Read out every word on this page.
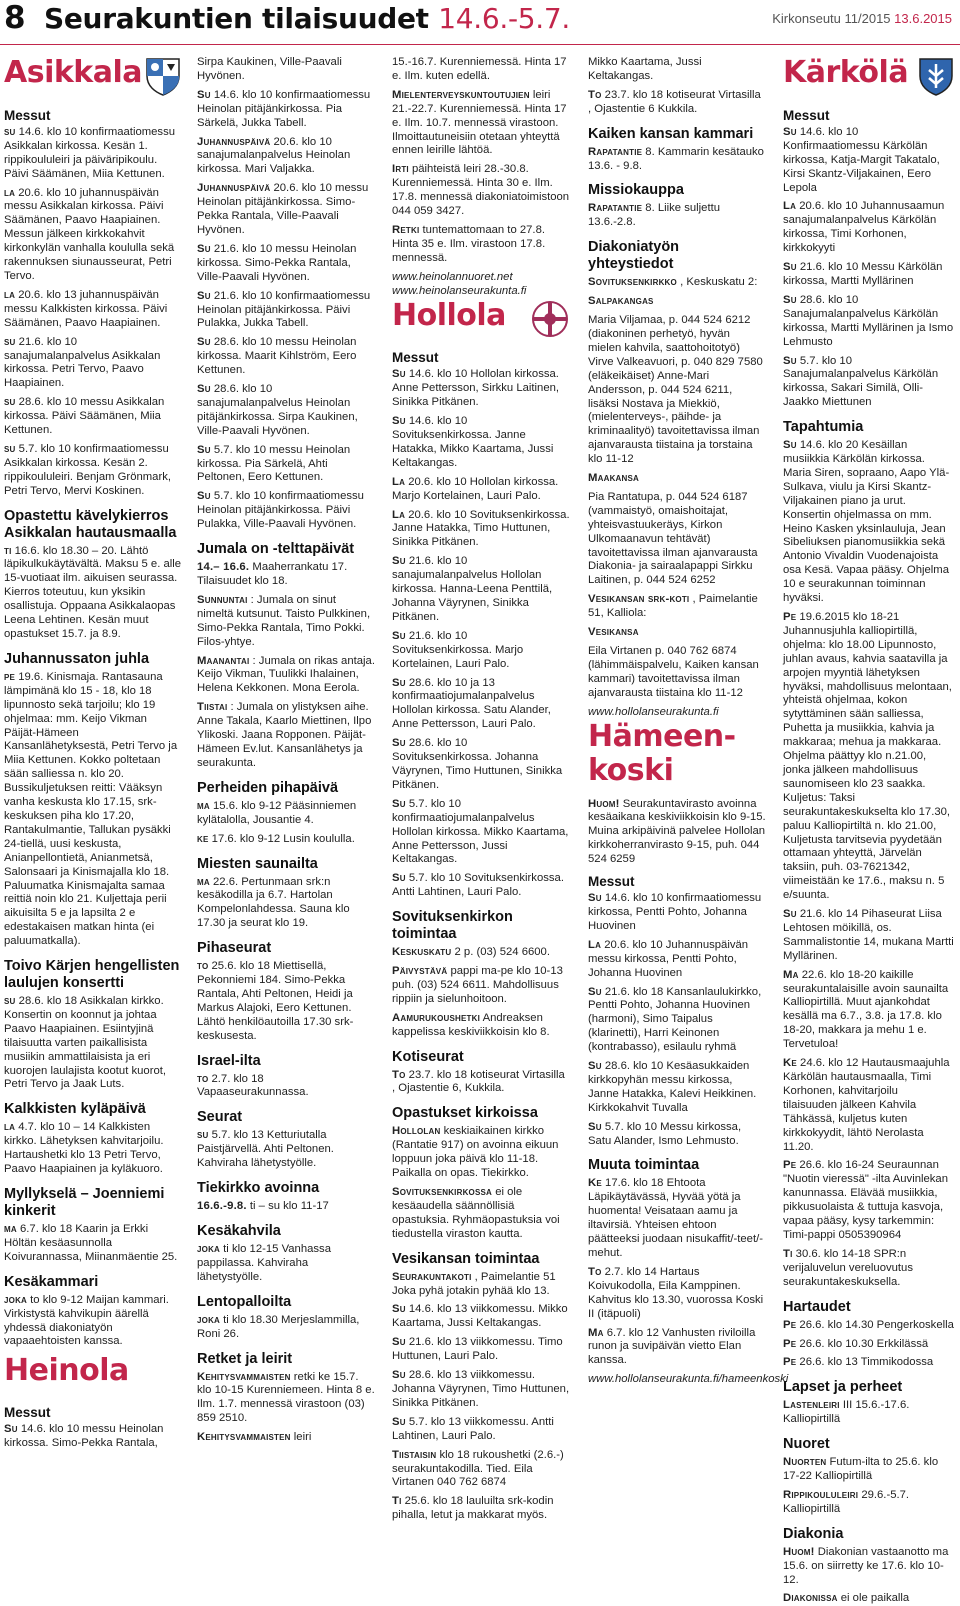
8 Seurakuntien tilaisuudet 14.6.-5.7.	Kirkonseutu 11/2015 13.6.2015
Asikkala
Messut

su 14.6. klo 10 konfirmaatiomessu Asikkalan kirkossa. Kesän 1. rippikoululeiri ja päiväripikoulu. Päivi Säämänen, Miia Kettunen.

la 20.6. klo 10 juhannuspäivän messu Asikkalan kirkossa. Päivi Säämänen, Paavo Haapiainen. Messun jälkeen kirkkokahvit kirkonkylän vanhalla koululla sekä rakennuksen siunausseurat, Petri Tervo.

la 20.6. klo 13 juhannuspäivän messu Kalkkisten kirkossa. Päivi Säämänen, Paavo Haapiainen.

su 21.6. klo 10 sanajumalanpalvelus Asikkalan kirkossa. Petri Tervo, Paavo Haapiainen.

su 28.6. klo 10 messu Asikkalan kirkossa. Päivi Säämänen, Miia Kettunen.

su 5.7. klo 10 konfirmaatiomessu Asikkalan kirkossa. Kesän 2. rippikoululeiri. Benjam Grönmark, Petri Tervo, Mervi Koskinen.

Opastettu kävelykierros Asikkalan hautausmaalla

ti 16.6. klo 18.30 – 20. Lähtö läpikulkukäytävältä. Maksu 5 e. alle 15-vuotiaat ilm. aikuisen seurassa. Kierros toteutuu, kun yksikin osallistuja. Oppaana Asikkalaopas Leena Lehtinen. Kesän muut opastukset 15.7. ja 8.9.

Juhannussaton juhla

pe 19.6. Kinismaja. Rantasauna lämpimänä klo 15 - 18, klo 18 lipunnosto sekä tarjoilu; klo 19 ohjelmaa: mm. Keijo Vikman Päijät-Hämeen Kansanlähetyksestä, Petri Tervo ja Miia Kettunen. Kokko poltetaan sään salliessa n. klo 20. Bussikuljetuksen reitti: Vääksyn vanha keskusta klo 17.15, srk-keskuksen piha klo 17.20, Rantakulmantie, Tallukan pysäkki 24-tiellä, uusi keskusta, Anianpellontietä, Anianmetsä, Salonsaari ja Kinismajalla klo 18. Paluumatka Kinismajalta samaa reittiä noin klo 21. Kuljettaja perii aikuisilta 5 e ja lapsilta 2 e edestakaisen matkan hinta (ei paluumatkalla).

Toivo Kärjen hengellisten laulujen konsertti

su 28.6. klo 18 Asikkalan kirkko. Konsertin on koonnut ja johtaa Paavo Haapiainen. Esiintyjinä tilaisuutta varten paikallisista musiikin ammattilaisista ja eri kuorojen laulajista kootut kuorot, Petri Tervo ja Jaak Luts.

Kalkkisten kyläpäivä

la 4.7. klo 10 – 14 Kalkkisten kirkko. Lähetyksen kahvitarjoilu. Hartaushetki klo 13 Petri Tervo, Paavo Haapiainen ja kyläkuoro.

Myllykselä – Joenniemi kinkerit

ma 6.7. klo 18 Kaarin ja Erkki Höltän kesäasunnolla Koivurannassa, Miinanmäentie 25.

Kesäkammari

joka to klo 9-12 Maijan kammari. Virkistystä kahvikupin äärellä yhdessä diakoniatyön vapaaehtoisten kanssa.

Heinola
Messut

Su 14.6. klo 10 messu Heinolan kirkossa. Simo-Pekka Rantala,

Sirpa Kaukinen, Ville-Paavali Hyvönen.

Su 14.6. klo 10 konfirmaatiomessu Heinolan pitäjänkirkossa. Pia Särkelä, Jukka Tabell.

Juhannuspäivä 20.6. klo 10 sanajumalanpalvelus Heinolan kirkossa. Mari Valjakka.

Juhannuspäivä 20.6. klo 10 messu Heinolan pitäjänkirkossa. Simo-Pekka Rantala, Ville-Paavali Hyvönen.

Su 21.6. klo 10 messu Heinolan kirkossa. Simo-Pekka Rantala, Ville-Paavali Hyvönen.

Su 21.6. klo 10 konfirmaatiomessu Heinolan pitäjänkirkossa. Päivi Pulakka, Jukka Tabell.

Su 28.6. klo 10 messu Heinolan kirkossa. Maarit Kihlström, Eero Kettunen.

Su 28.6. klo 10 sanajumalanpalvelus Heinolan pitäjänkirkossa. Sirpa Kaukinen, Ville-Paavali Hyvönen.

Su 5.7. klo 10 messu Heinolan kirkossa. Pia Särkelä, Ahti Peltonen, Eero Kettunen.

Su 5.7. klo 10 konfirmaatiomessu Heinolan pitäjänkirkossa. Päivi Pulakka, Ville-Paavali Hyvönen.

Jumala on -telttapäivät

14.– 16.6. Maaherrankatu 17. Tilaisuudet klo 18.

Sunnuntai : Jumala on sinut nimeltä kutsunut. Taisto Pulkkinen, Simo-Pekka Rantala, Timo Pokki. Filos-yhtye.

Maanantai : Jumala on rikas antaja. Keijo Vikman, Tuulikki Ihalainen, Helena Kekkonen. Mona Eerola.

Tiistai : Jumala on ylistyksen aihe. Anne Takala, Kaarlo Miettinen, Ilpo Ylikoski. Jaana Ropponen. Päijät-Hämeen Ev.lut. Kansanlähetys ja seurakunta.

Perheiden pihapäivä

ma 15.6. klo 9-12 Pääsinniemen kylätalolla, Jousantie 4.

ke 17.6. klo 9-12 Lusin koululla.

Miesten saunailta

ma 22.6. Pertunmaan srk:n kesäkodilla ja 6.7. Hartolan Kompelonlahdessa. Sauna klo 17.30 ja seurat klo 19.

Pihaseurat

to 25.6. klo 18 Miettisellä, Pekonniemi 184. Simo-Pekka Rantala, Ahti Peltonen, Heidi ja Markus Alajoki, Eero Kettunen. Lähtö henkilöautoilla 17.30 srk-keskusesta.

Israel-ilta

to 2.7. klo 18 Vapaaseurakunnassa.

Seurat

su 5.7. klo 13 Ketturiutalla Paistjärvellä. Ahti Peltonen. Kahviraha lähetystyölle.

Tiekirkko avoinna

16.6.-9.8. ti – su klo 11-17

Kesäkahvila

joka ti klo 12-15 Vanhassa pappilassa. Kahviraha lähetystyölle.

Lentopalloilta

joka ti klo 18.30 Merjeslammilla, Roni 26.

Retket ja leirit

Kehitysvammaisten retki ke 15.7. klo 10-15 Kurenniemeen. Hinta 8 e. Ilm. 1.7. mennessä virastoon (03) 859 2510.

Kehitysvammaisten leiri

15.-16.7. Kurenniemessä. Hinta 17 e. Ilm. kuten edellä.

Mielenterveyskuntoutujien leiri 21.-22.7. Kurenniemessä. Hinta 17 e. Ilm. 10.7. mennessä virastoon. Ilmoittautuneisiin otetaan yhteyttä ennen leirille lähtöä.

Irti päihteistä leiri 28.-30.8. Kurenniemessä. Hinta 30 e. Ilm. 17.8. mennessä diakoniatoimistoon 044 059 3427.

Retki tuntemattomaan to 27.8. Hinta 35 e. Ilm. virastoon 17.8. mennessä.

www.heinolannuoret.net

www.heinolanseurakunta.fi

Hollola
Messut

Su 14.6. klo 10 Hollolan kirkossa. Anne Pettersson, Sirkku Laitinen, Sinikka Pitkänen.

Su 14.6. klo 10 Sovituksenkirkossa. Janne Hatakka, Mikko Kaartama, Jussi Keltakangas.

La 20.6. klo 10 Hollolan kirkossa. Marjo Kortelainen, Lauri Palo.

La 20.6. klo 10 Sovituksenkirkossa. Janne Hatakka, Timo Huttunen, Sinikka Pitkänen.

Su 21.6. klo 10 sanajumalanpalvelus Hollolan kirkossa. Hanna-Leena Penttilä, Johanna Väyrynen, Sinikka Pitkänen.

Su 21.6. klo 10 Sovituksenkirkossa. Marjo Kortelainen, Lauri Palo.

Su 28.6. klo 10 ja 13 konfirmaatiojumalanpalvelus Hollolan kirkossa. Satu Alander, Anne Pettersson, Lauri Palo.

Su 28.6. klo 10 Sovituksenkirkossa. Johanna Väyrynen, Timo Huttunen, Sinikka Pitkänen.

Su 5.7. klo 10 konfirmaatiojumalanpalvelus Hollolan kirkossa. Mikko Kaartama, Anne Pettersson, Jussi Keltakangas.

Su 5.7. klo 10 Sovituksenkirkossa. Antti Lahtinen, Lauri Palo.

Sovituksenkirkon toimintaa

Keskuskatu 2 p. (03) 524 6600.

Päivystävä pappi ma-pe klo 10-13 puh. (03) 524 6611. Mahdollisuus rippiin ja sielunhoitoon.

Aamurukoushetki Andreaksen kappelissa keskiviikkoisin klo 8.

Kotiseurat

To 23.7. klo 18 kotiseurat Virtasilla , Ojastentie 6, Kukkila.

Opastukset kirkoissa

Hollolan keskiaikainen kirkko (Rantatie 917) on avoinna eikuun loppuun joka päivä klo 11-18. Paikalla on opas. Tiekirkko.

Sovituksenkirkossa ei ole kesäaudella säännöllisiä opastuksia. Ryhmäopastuksia voi tiedustella viraston kautta.

Vesikansan toimintaa

Seurakuntakoti , Paimelantie 51 Joka pyhä jotakin pyhää klo 13.

Su 14.6. klo 13 viikkomessu. Mikko Kaartama, Jussi Keltakangas.

Su 21.6. klo 13 viikkomessu. Timo Huttunen, Lauri Palo.

Su 28.6. klo 13 viikkomessu. Johanna Väyrynen, Timo Huttunen, Sinikka Pitkänen.

Su 5.7. klo 13 viikkomessu. Antti Lahtinen, Lauri Palo.

Tiistaisin klo 18 rukoushetki (2.6.-) seurakuntakodilla. Tied. Eila Virtanen 040 762 6874

Ti 25.6. klo 18 lauluilta srk-kodin pihalla, letut ja makkarat myös.

Mikko Kaartama, Jussi Keltakangas.

To 23.7. klo 18 kotiseurat Virtasilla , Ojastentie 6 Kukkila.

Kaiken kansan kammari

Rapatantie 8. Kammarin kesätauko 13.6. - 9.8.

Missiokauppa

Rapatantie 8. Liike suljettu 13.6.-2.8.

Diakoniatyön yhteystiedot

Sovituksenkirkko , Keskuskatu 2:

Salpakangas

Maria Viljamaa, p. 044 524 6212 (diakoninen perhetyö, hyvän mielen kahvila, saattohoitotyö) Virve Valkeavuori, p. 040 829 7580 (eläkeikäiset) Anne-Mari Andersson, p. 044 524 6211, lisäksi Nostava ja Miekkiö, (mielenterveys-, päihde- ja kriminaalityö) tavoitettavissa ilman ajanvarausta tiistaina ja torstaina klo 11-12

Maakansa

Pia Rantatupa, p. 044 524 6187 (vammaistyö, omaishoitajat, yhteisvastuukeräys, Kirkon Ulkomaanavun tehtävät) tavoitettavissa ilman ajanvarausta Diakonia- ja sairaalapappi Sirkku Laitinen, p. 044 524 6252

Vesikansan srk-koti , Paimelantie 51, Kalliola:

Vesikansa

Eila Virtanen p. 040 762 6874 (lähimmäispalvelu, Kaiken kansan kammari) tavoitettavissa ilman ajanvarausta tiistaina klo 11-12

www.hollolanseurakunta.fi

Hämeen-koski

Huom! Seurakuntavirasto avoinna kesäaikana keskiviikkoisin klo 9-15. Muina arkipäivinä palvelee Hollolan kirkkoherranvirasto 9-15, puh. 044 524 6259

Messut

Su 14.6. klo 10 konfirmaatiomessu kirkossa, Pentti Pohto, Johanna Huovinen

La 20.6. klo 10 Juhannuspäivän messu kirkossa, Pentti Pohto, Johanna Huovinen

Su 21.6. klo 18 Kansanlaulukirkko, Pentti Pohto, Johanna Huovinen (harmoni), Simo Taipalus (klarinetti), Harri Keinonen (kontrabasso), esilaulu ryhmä

Su 28.6. klo 10 Kesäasukkaiden kirkkopyhän messu kirkossa, Janne Hatakka, Kalevi Heikkinen. Kirkkokahvit Tuvalla

Su 5.7. klo 10 Messu kirkossa, Satu Alander, Ismo Lehmusto.

Muuta toimintaa

Ke 17.6. klo 18 Ehtoota Läpikäytävässä, Hyvää yötä ja huomenta! Veisataan aamu ja iltavirsiä. Yhteisen ehtoon päätteeksi juodaan nisukaffit/-teet/-mehut.

To 2.7. klo 14 Hartaus Koivukodolla, Eila Kamppinen. Kahvitus klo 13.30, vuorossa Koski II (itäpuoli)

Ma 6.7. klo 12 Vanhusten riviloilla runon ja suvipäivän vietto Elan kanssa.

www.hollolanseurakunta.fi/hameenkoski

Kärkölä
Messut

Su 14.6. klo 10 Konfirmaatiomessu Kärkölän kirkossa, Katja-Margit Takatalo, Kirsi Skantz-Viljakainen, Eero Lepola

La 20.6. klo 10 Juhannusaamun sanajumalanpalvelus Kärkölän kirkossa, Timi Korhonen, kirkkokyyti

Su 21.6. klo 10 Messu Kärkölän kirkossa, Martti Myllärinen

Su 28.6. klo 10 Sanajumalanpalvelus Kärkölän kirkossa, Martti Myllärinen ja Ismo Lehmusto

Su 5.7. klo 10 Sanajumalanpalvelus Kärkölän kirkossa, Sakari Similä, Olli-Jaakko Miettunen

Tapahtumia

Su 14.6. klo 20 Kesäillan musiikkia Kärkölän kirkossa. Maria Siren, sopraano, Aapo Ylä-Sulkava, viulu ja Kirsi Skantz-Viljakainen piano ja urut. Konsertin ohjelmassa on mm. Heino Kasken yksinlauluja, Jean Sibeliuksen pianomusiikkia sekä Antonio Vivaldin Vuodenajoista osa Kesä. Vapaa pääsy. Ohjelma 10 e seurakunnan toiminnan hyväksi.

Pe 19.6.2015 klo 18-21 Juhannusjuhla kalliopirtillä, ohjelma: klo 18.00 Lipunnosto, juhlan avaus, kahvia saatavilla ja arpojen myyntiä lähetyksen hyväksi, mahdollisuus melontaan, yhteistä ohjelmaa, kokon sytyttäminen sään salliessa, Puhetta ja musiikkia, kahvia ja makkaraa; mehua ja makkaraa. Ohjelma päättyy klo n.21.00, jonka jälkeen mahdollisuus saunomiseen klo 23 saakka. Kuljetus: Taksi seurakuntakeskukselta klo 17.30, paluu Kalliopirtiltä n. klo 21.00, Kuljetusta tarvitsevia pyydetään ottamaan yhteyttä, Järvelän taksiin, puh. 03-7621342, viimeistään ke 17.6., maksu n. 5 e/suunta.

Su 21.6. klo 14 Pihaseurat Liisa Lehtosen möikillä, os. Sammalistontie 14, mukana Martti Myllärinen.

Ma 22.6. klo 18-20 kaikille seurakuntalaisille avoin saunailta Kalliopirtillä. Muut ajankohdat kesällä ma 6.7., 3.8. ja 17.8. klo 18-20, makkara ja mehu 1 e. Tervetuloa!

Ke 24.6. klo 12 Hautausmaajuhla Kärkölän hautausmaalla, Timi Korhonen, kahvitarjoilu tilaisuuden jälkeen Kahvila Tähkässä, kuljetus kuten kirkkokyydit, lähtö Nerolasta 11.20.

Pe 26.6. klo 16-24 Seuraunnan "Nuotin vieressä" -ilta Auvinlekan kanunnassa. Elävää musiikkia, pikkusuolaista & tuttuja kasvoja, vapaa pääsy, kysy tarkemmin: Timi-pappi 0505390964

Ti 30.6. klo 14-18 SPR:n verijaluvelun vereluovutus seurakuntakeskuksella.

Hartaudet

Pe 26.6. klo 14.30 Pengerkoskella

Pe 26.6. klo 10.30 Erkkilässä

Pe 26.6. klo 13 Timmikodossa

Lapset ja perheet

Lastenleiri III 15.6.-17.6. Kalliopirtillä

Nuoret

Nuorten Futum-ilta to 25.6. klo 17-22 Kalliopirtillä

Rippikoululeiri 29.6.-5.7. Kalliopirtillä

Diakonia

Huom! Diakonian vastaanotto ma 15.6. on siirretty ke 17.6. klo 10-12.

Diakonissa ei ole paikalla
